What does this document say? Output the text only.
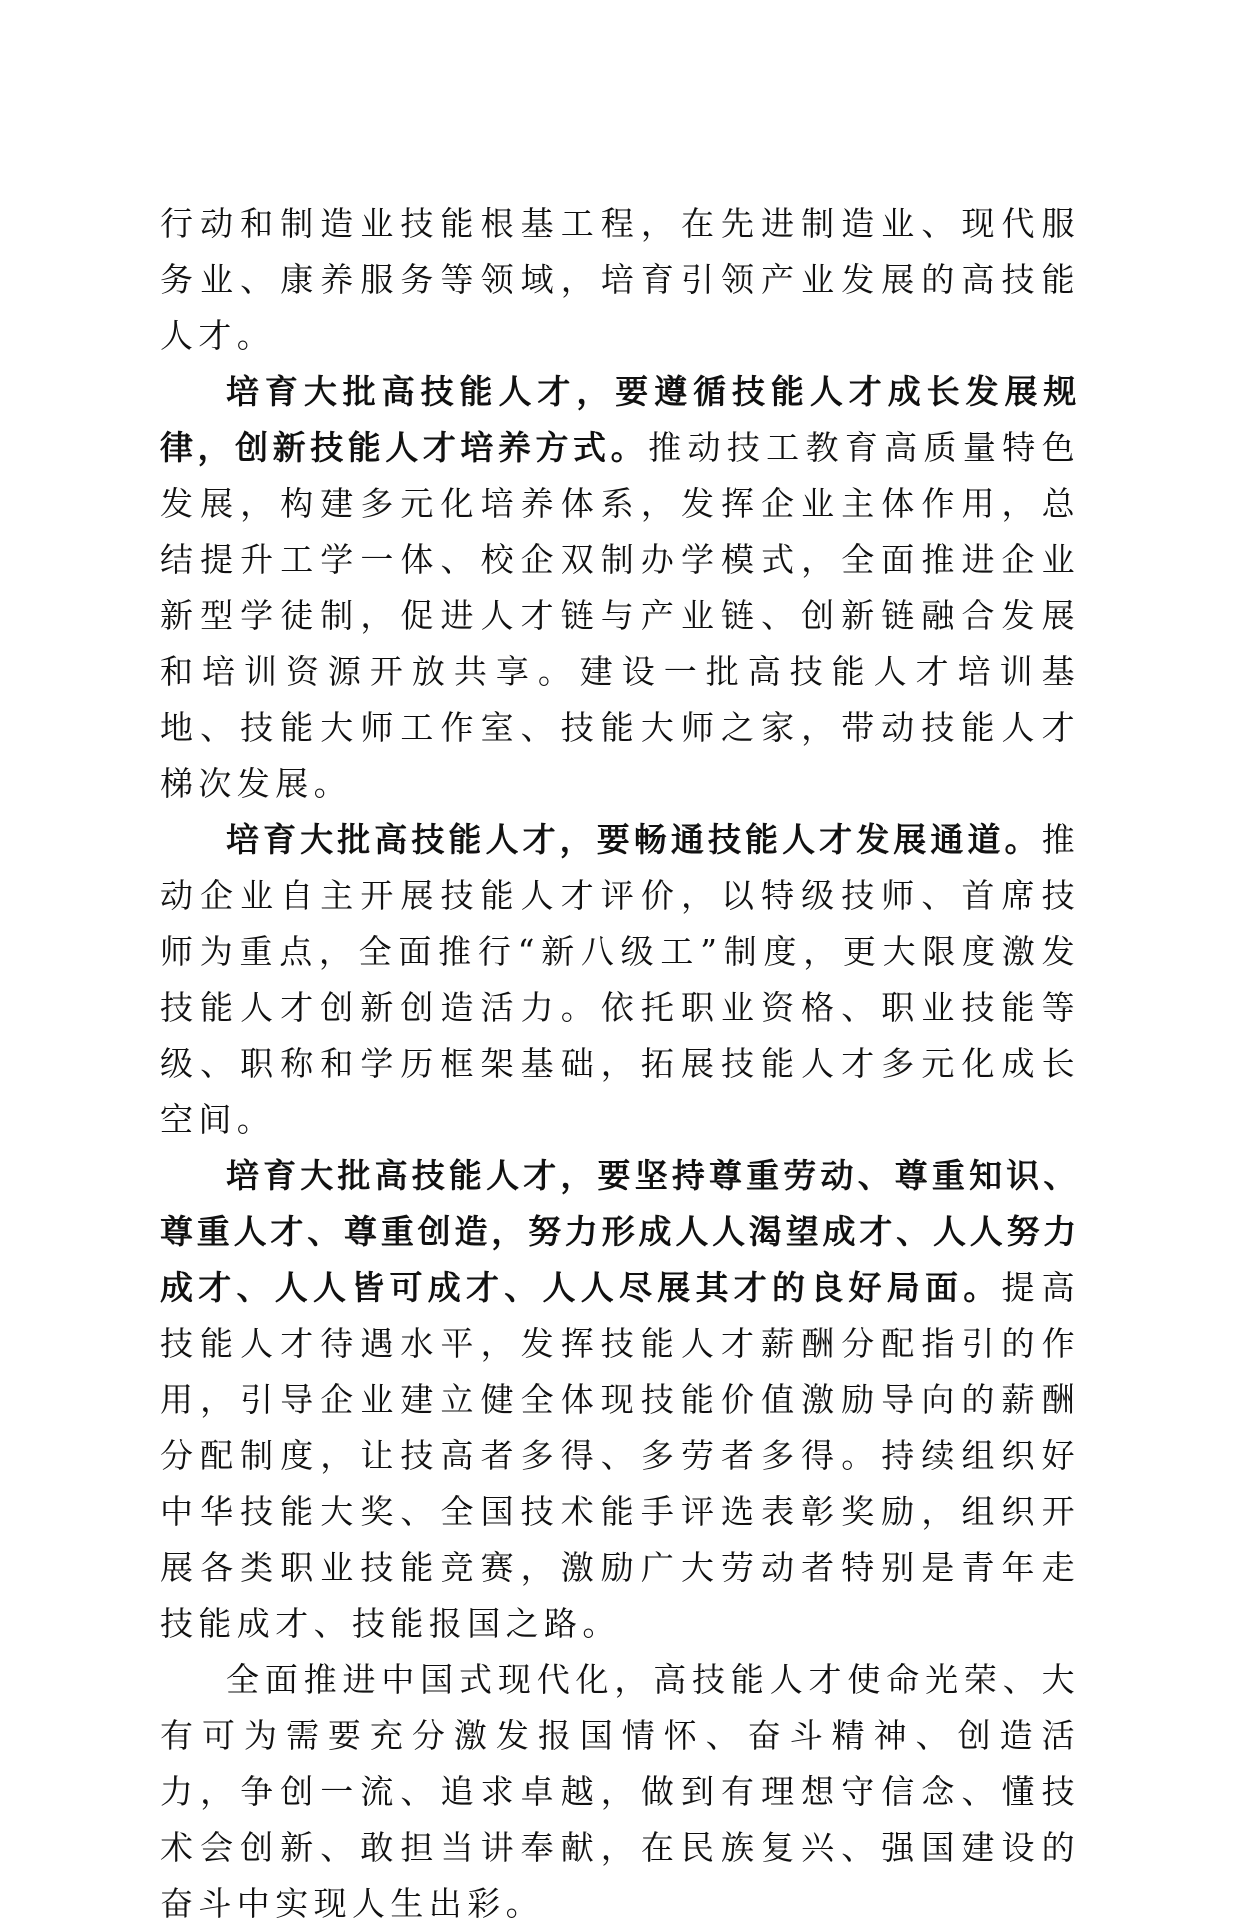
行动和制造业技能根基工程，在先进制造业、现代服务业、康养服务等领域，培育引领产业发展的高技能人才。

培育大批高技能人才，要遵循技能人才成长发展规律，创新技能人才培养方式。推动技工教育高质量特色发展，构建多元化培养体系，发挥企业主体作用，总结提升工学一体、校企双制办学模式，全面推进企业新型学徒制，促进人才链与产业链、创新链融合发展和培训资源开放共享。建设一批高技能人才培训基地、技能大师工作室、技能大师之家，带动技能人才梯次发展。

培育大批高技能人才，要畅通技能人才发展通道。推动企业自主开展技能人才评价，以特级技师、首席技师为重点，全面推行“新八级工”制度，更大限度激发技能人才创新创造活力。依托职业资格、职业技能等级、职称和学历框架基础，拓展技能人才多元化成长空间。

培育大批高技能人才，要坚持尊重劳动、尊重知识、尊重人才、尊重创造，努力形成人人渴望成才、人人努力成才、人人皆可成才、人人尽展其才的良好局面。提高技能人才待遇水平，发挥技能人才薪酬分配指引的作用，引导企业建立健全体现技能价值激励导向的薪酬分配制度，让技高者多得、多劳者多得。持续组织好中华技能大奖、全国技术能手评选表彰奖励，组织开展各类职业技能竞赛，激励广大劳动者特别是青年走技能成才、技能报国之路。

全面推进中国式现代化，高技能人才使命光荣、大有可为需要充分激发报国情怀、奋斗精神、创造活力，争创一流、追求卓越，做到有理想守信念、懂技术会创新、敢担当讲奉献，在民族复兴、强国建设的奋斗中实现人生出彩。
